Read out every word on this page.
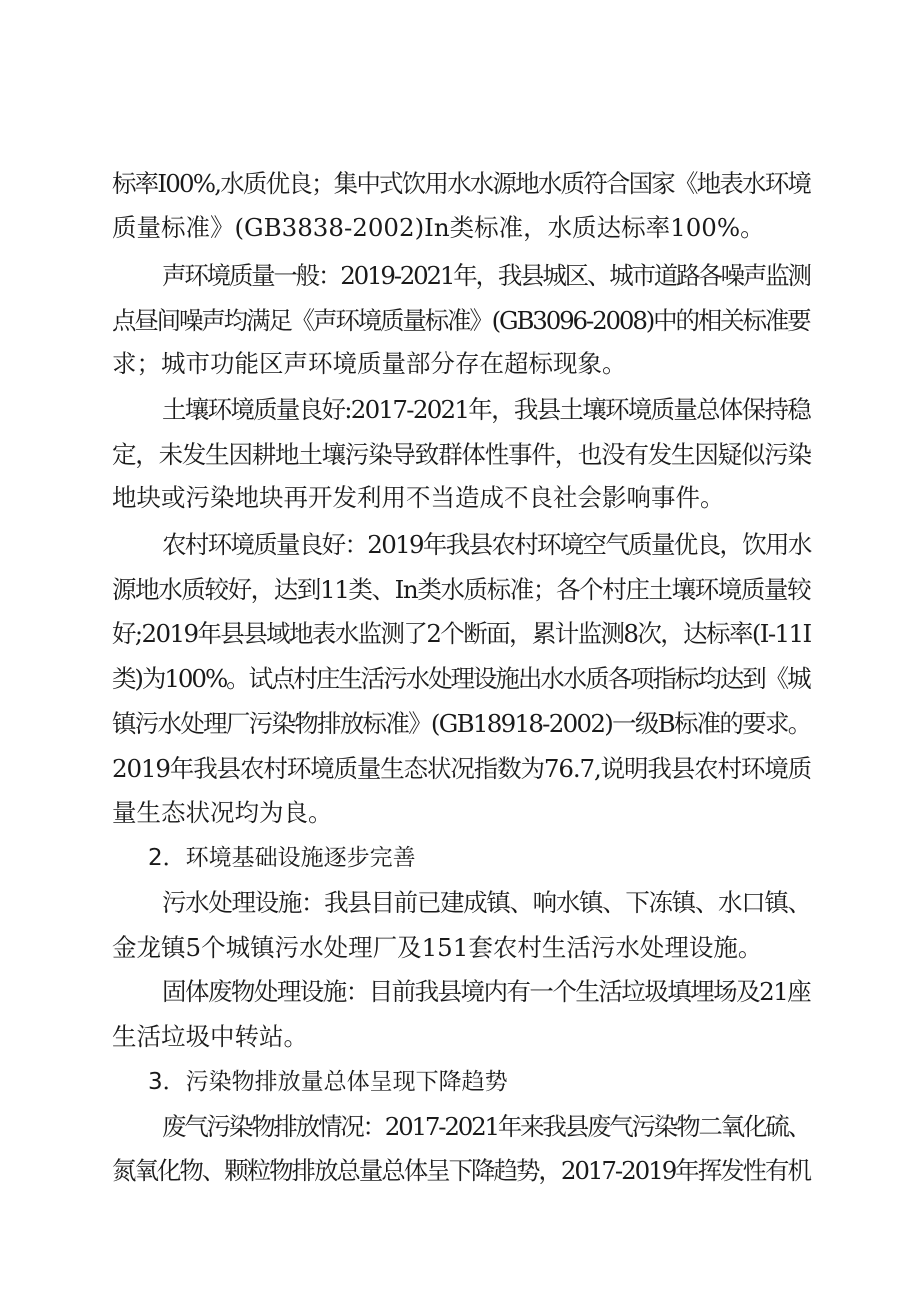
标率I00%,水质优良；集中式饮用水水源地水质符合国家《地表水环境

质量标准》(GB3838-2002)In类标准，水质达标率100%。

声环境质量一般：2019-2021年，我县城区、城市道路各噪声监测

点昼间噪声均满足《声环境质量标准》(GB3096-2008)中的相关标准要

求；城市功能区声环境质量部分存在超标现象。

土壤环境质量良好:2017-2021年，我县土壤环境质量总体保持稳

定，未发生因耕地土壤污染导致群体性事件，也没有发生因疑似污染

地块或污染地块再开发利用不当造成不良社会影响事件。

农村环境质量良好：2019年我县农村环境空气质量优良，饮用水

源地水质较好，达到11类、In类水质标准；各个村庄土壤环境质量较

好;2019年县县域地表水监测了2个断面，累计监测8次，达标率(I-11I

类)为100%。试点村庄生活污水处理设施出水水质各项指标均达到《城

镇污水处理厂污染物排放标准》(GB18918-2002)一级B标准的要求。

2019年我县农村环境质量生态状况指数为76.7,说明我县农村环境质

量生态状况均为良。

2．环境基础设施逐步完善

污水处理设施：我县目前已建成镇、响水镇、下冻镇、水口镇、

金龙镇5个城镇污水处理厂及151套农村生活污水处理设施。

固体废物处理设施：目前我县境内有一个生活垃圾填埋场及21座

生活垃圾中转站。

3．污染物排放量总体呈现下降趋势

废气污染物排放情况：2017-2021年来我县废气污染物二氧化硫、

氮氧化物、颗粒物排放总量总体呈下降趋势，2017-2019年挥发性有机
